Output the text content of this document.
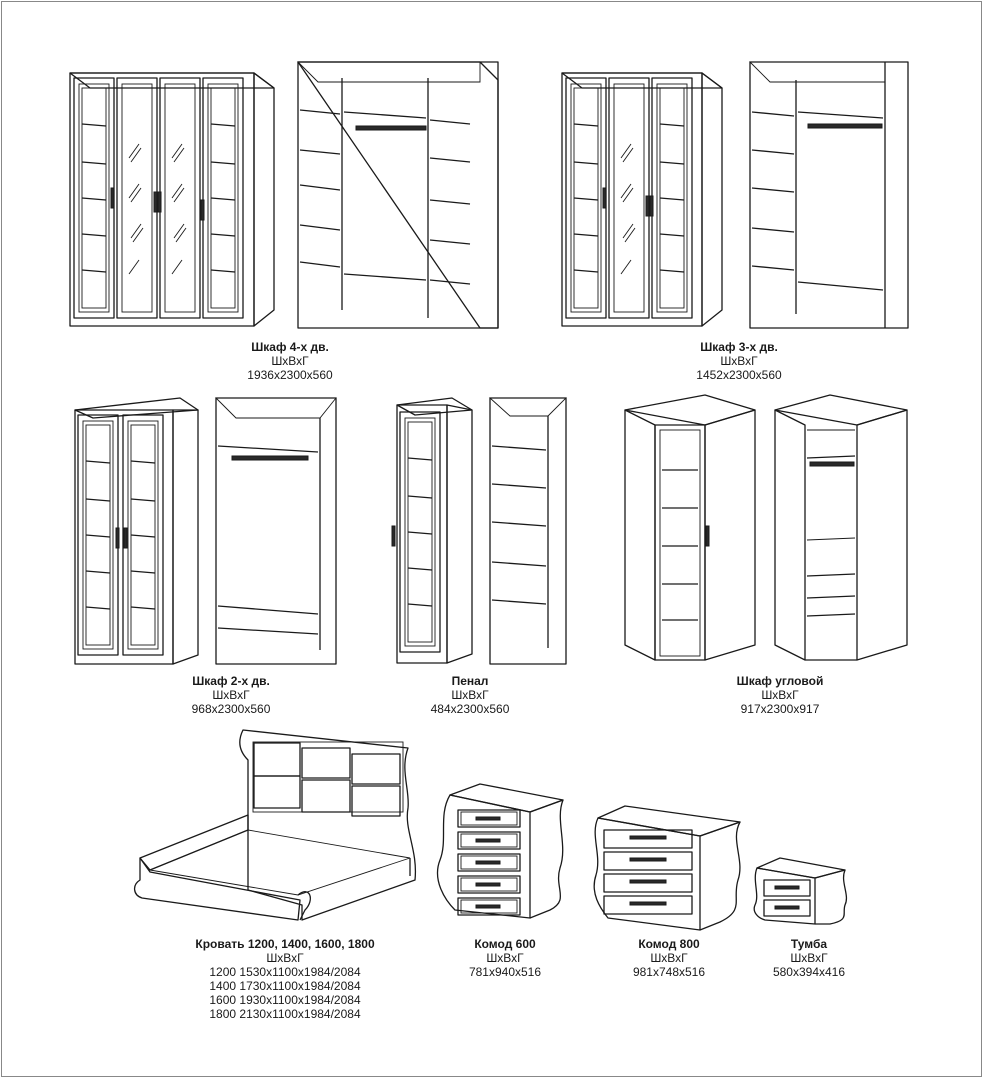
Шкаф 4-х дв.
ШхВхГ
1936x2300x560
Шкаф 3-х дв.
ШхВхГ
1452x2300x560
Шкаф 2-х дв.
ШхВхГ
968x2300x560
Пенал
ШхВхГ
484x2300x560
Шкаф угловой
ШхВхГ
917x2300x917
Кровать 1200, 1400, 1600, 1800
ШхВхГ
1200 1530x1100x1984/2084
1400 1730x1100x1984/2084
1600 1930x1100x1984/2084
1800 2130x1100x1984/2084
Комод 600
ШхВхГ
781x940x516
Комод 800
ШхВхГ
981x748x516
Тумба
ШхВхГ
580x394x416
